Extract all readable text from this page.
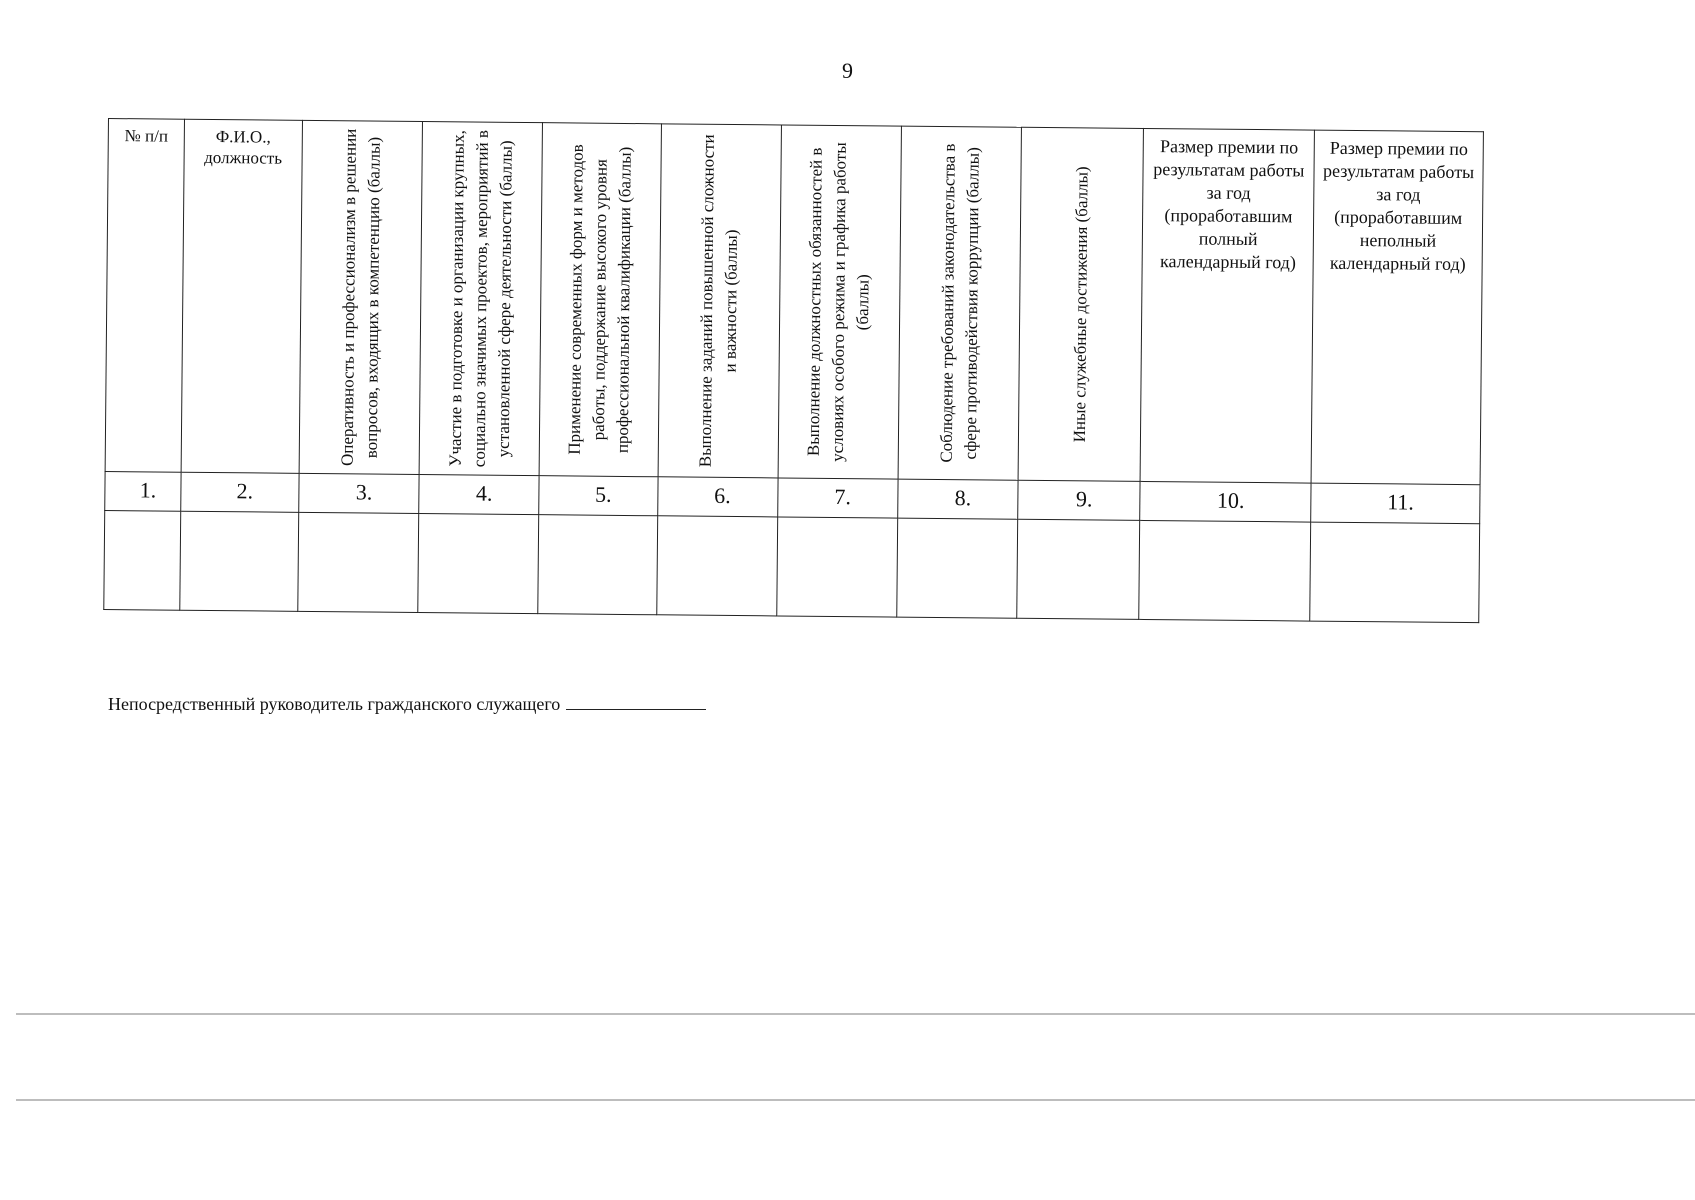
9
№ п/п	Ф.И.О., должность	Оперативность и профессионализм в решении вопросов, входящих в компетенцию (баллы)	Участие в подготовке и организации крупных, социально значимых проектов, мероприятий в установленной сфере деятельности (баллы)	Применение современных форм и методов работы, поддержание высокого уровня профессиональной квалификации (баллы)	Выполнение заданий повышенной сложности и важности (баллы)	Выполнение должностных обязанностей в условиях особого режима и графика работы (баллы)	Соблюдение требований законодательства в сфере противодействия коррупции (баллы)	Иные служебные достижения (баллы)	Размер премии по результатам работы за год (проработавшим полный календарный год)	Размер премии по результатам работы за год (проработавшим неполный календарный год)

1.	2.	3.	4.	5.	6.	7.	8.	9.	10.	11.

Непосредственный руководитель гражданского служащего
